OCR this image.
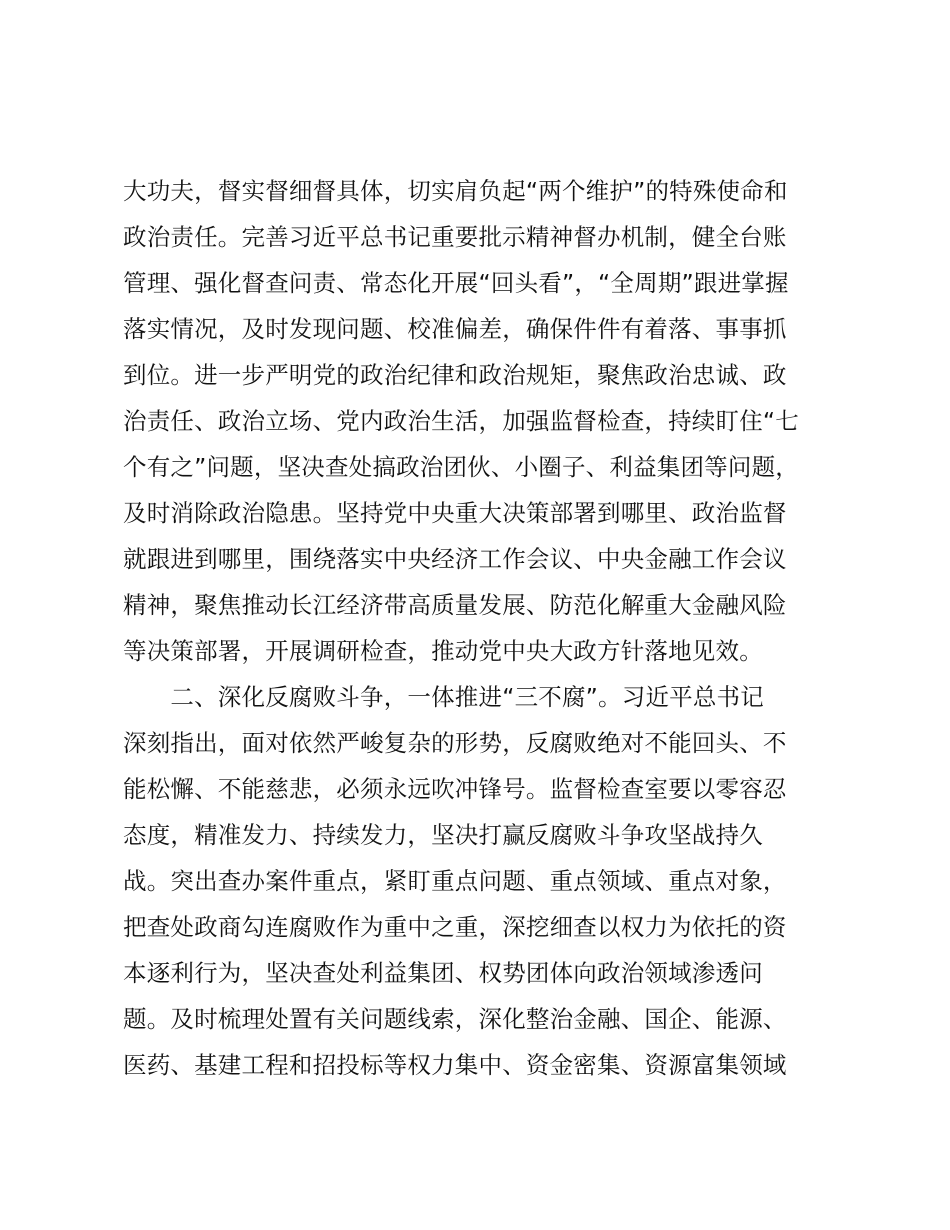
大功夫，督实督细督具体，切实肩负起“两个维护”的特殊使命和
政治责任。完善习近平总书记重要批示精神督办机制，健全台账
管理、强化督查问责、常态化开展“回头看”，“全周期”跟进掌握
落实情况，及时发现问题、校准偏差，确保件件有着落、事事抓
到位。进一步严明党的政治纪律和政治规矩，聚焦政治忠诚、政
治责任、政治立场、党内政治生活，加强监督检查，持续盯住“七
个有之”问题，坚决查处搞政治团伙、小圈子、利益集团等问题，
及时消除政治隐患。坚持党中央重大决策部署到哪里、政治监督
就跟进到哪里，围绕落实中央经济工作会议、中央金融工作会议
精神，聚焦推动长江经济带高质量发展、防范化解重大金融风险
等决策部署，开展调研检查，推动党中央大政方针落地见效。
　　二、深化反腐败斗争，一体推进“三不腐”。习近平总书记
深刻指出，面对依然严峻复杂的形势，反腐败绝对不能回头、不
能松懈、不能慈悲，必须永远吹冲锋号。监督检查室要以零容忍
态度，精准发力、持续发力，坚决打赢反腐败斗争攻坚战持久
战。突出查办案件重点，紧盯重点问题、重点领域、重点对象，
把查处政商勾连腐败作为重中之重，深挖细查以权力为依托的资
本逐利行为，坚决查处利益集团、权势团体向政治领域渗透问
题。及时梳理处置有关问题线索，深化整治金融、国企、能源、
医药、基建工程和招投标等权力集中、资金密集、资源富集领域
